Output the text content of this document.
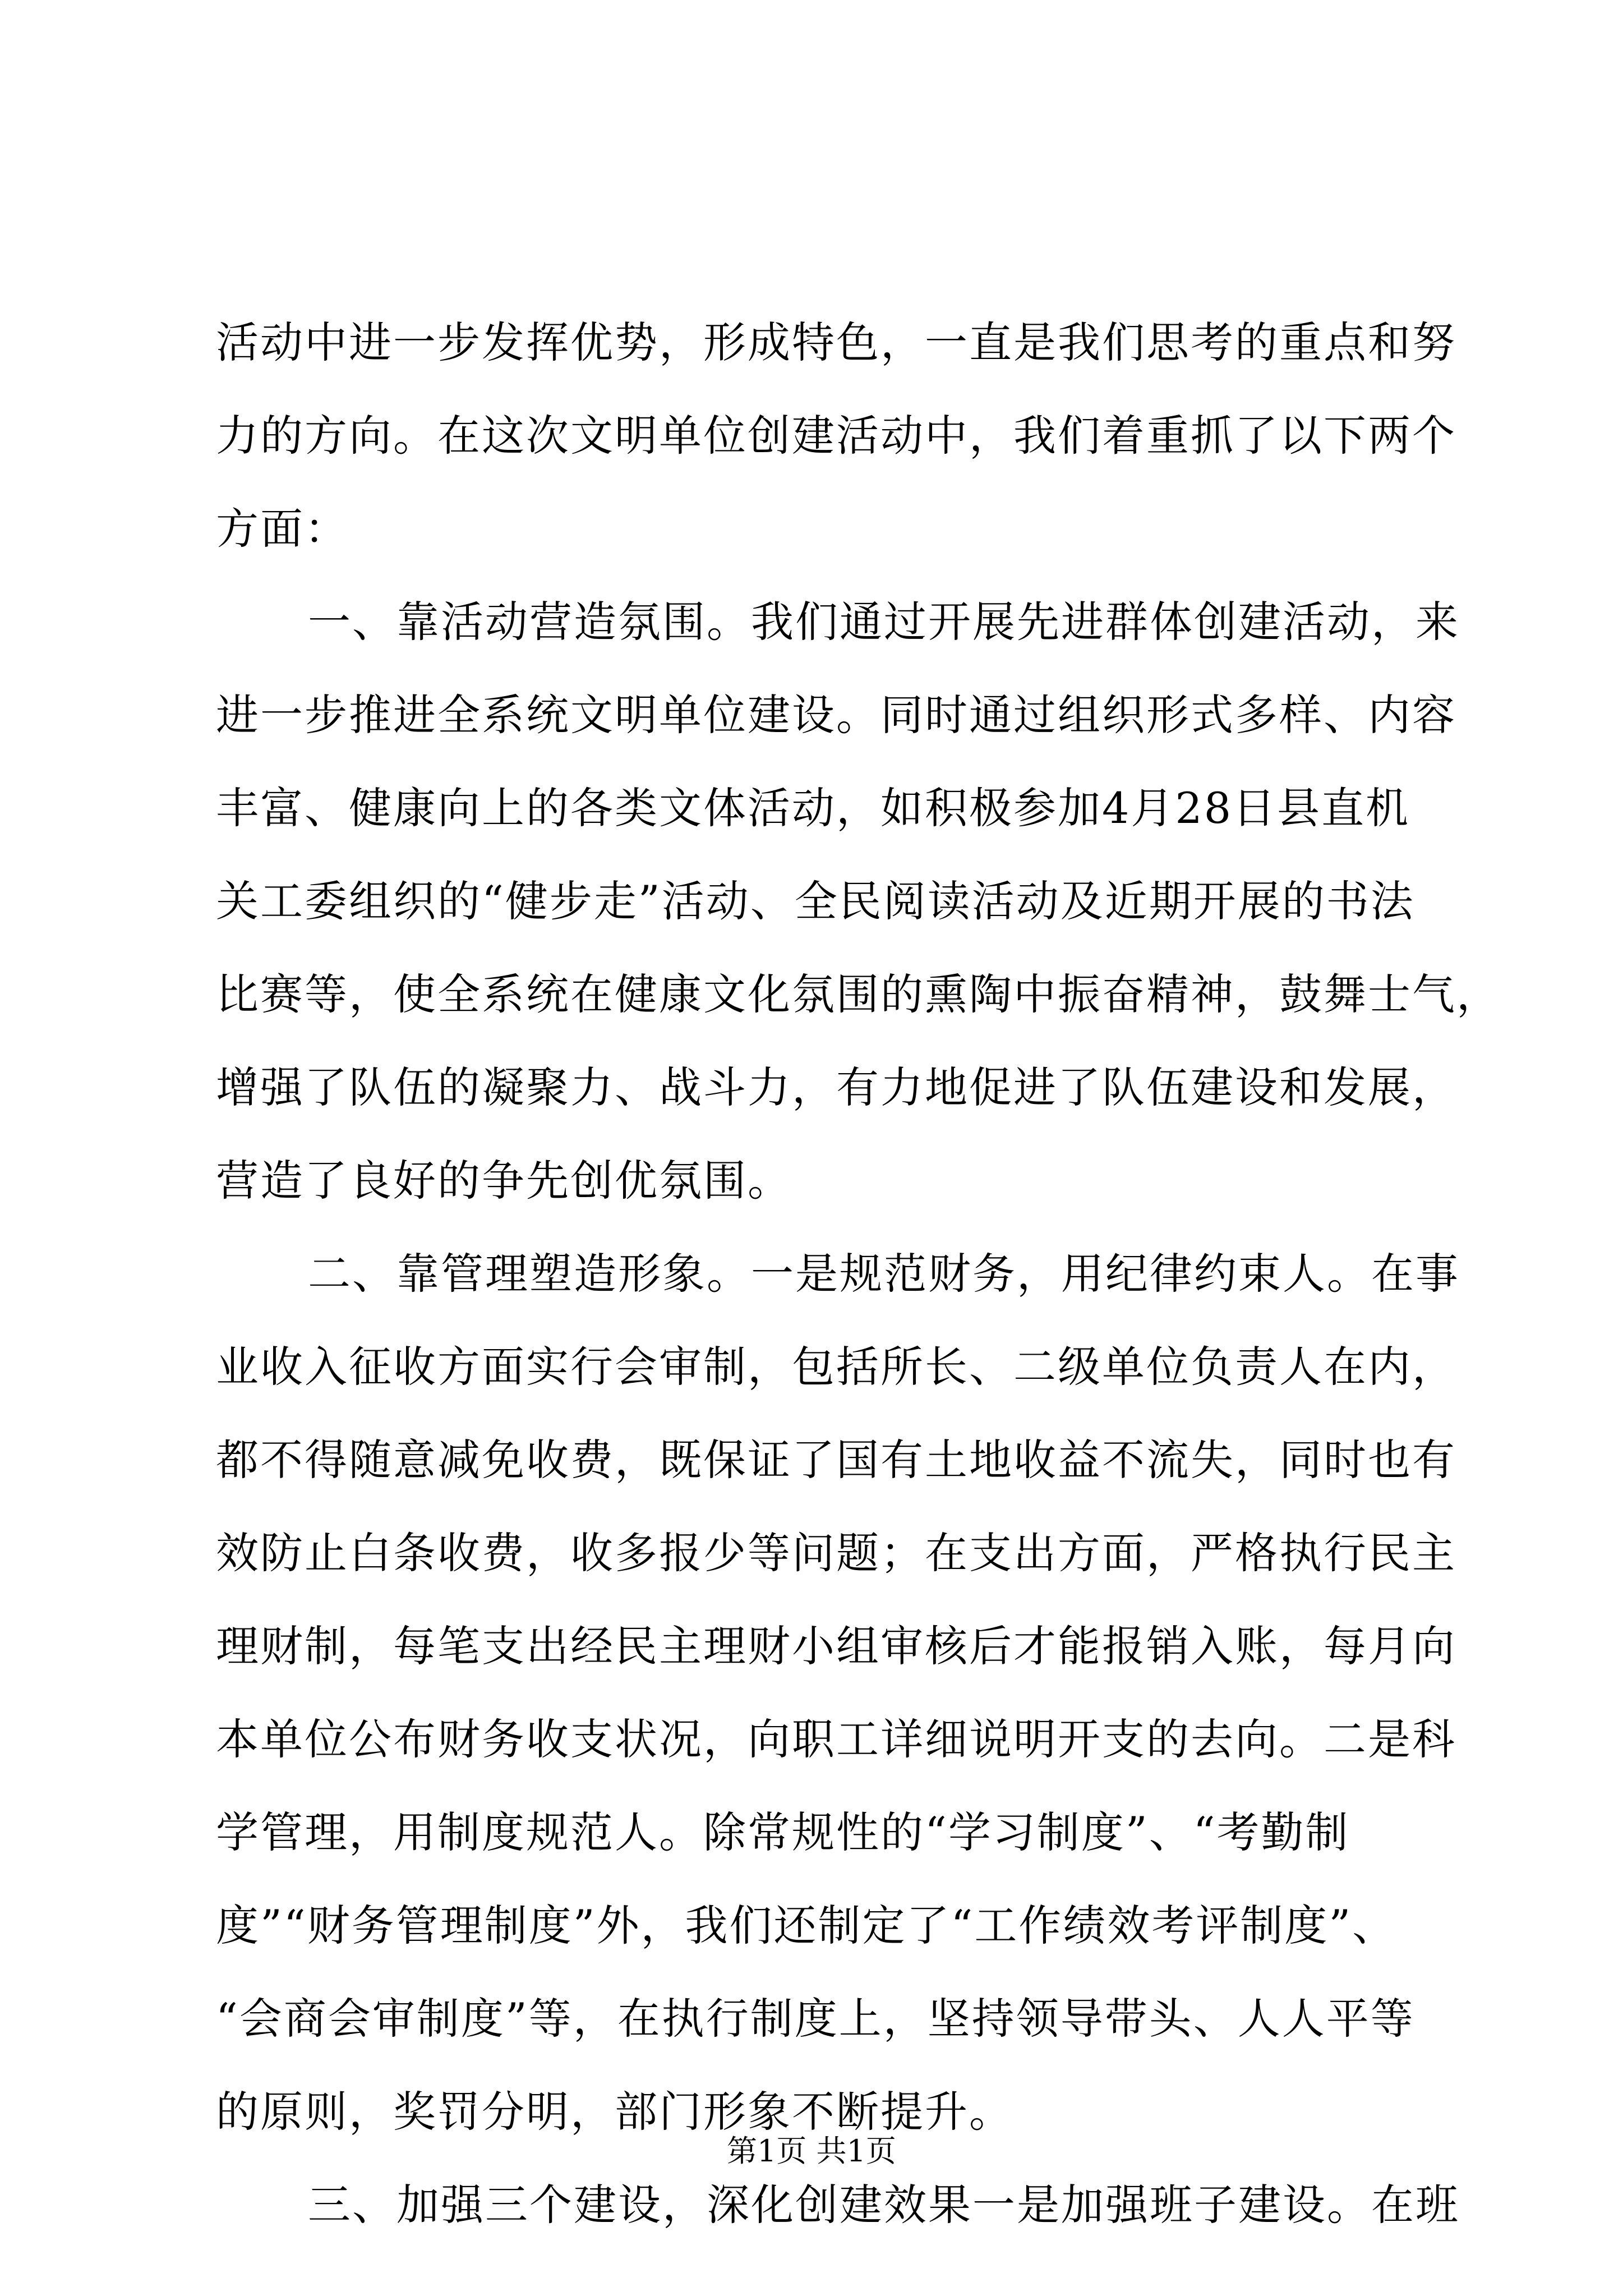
活动中进一步发挥优势，形成特色，一直是我们思考的重点和努
力的方向。在这次文明单位创建活动中，我们着重抓了以下两个
方面：
一、靠活动营造氛围。我们通过开展先进群体创建活动，来
进一步推进全系统文明单位建设。同时通过组织形式多样、内容
丰富、健康向上的各类文体活动，如积极参加4月28日县直机
关工委组织的“健步走”活动、全民阅读活动及近期开展的书法
比赛等，使全系统在健康文化氛围的熏陶中振奋精神，鼓舞士气，
增强了队伍的凝聚力、战斗力，有力地促进了队伍建设和发展，
营造了良好的争先创优氛围。
二、靠管理塑造形象。一是规范财务，用纪律约束人。在事
业收入征收方面实行会审制，包括所长、二级单位负责人在内，
都不得随意减免收费，既保证了国有土地收益不流失，同时也有
效防止白条收费，收多报少等问题；在支出方面，严格执行民主
理财制，每笔支出经民主理财小组审核后才能报销入账，每月向
本单位公布财务收支状况，向职工详细说明开支的去向。二是科
学管理，用制度规范人。除常规性的“学习制度”、“考勤制
度”“财务管理制度”外，我们还制定了“工作绩效考评制度”、
“会商会审制度”等，在执行制度上，坚持领导带头、人人平等
的原则，奖罚分明，部门形象不断提升。
三、加强三个建设，深化创建效果一是加强班子建设。在班
第1页 共1页
